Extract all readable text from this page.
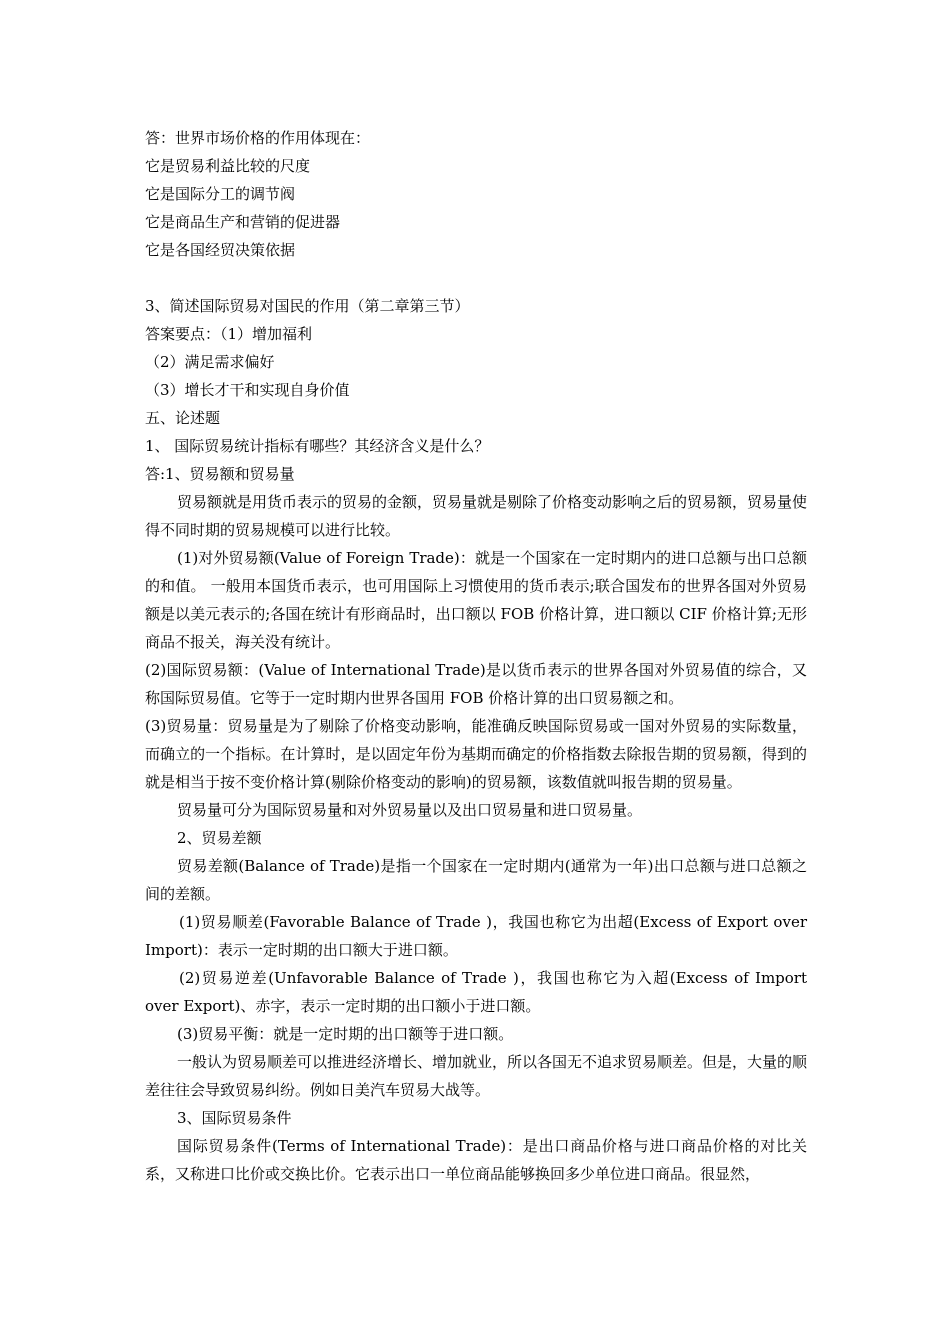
答：世界市场价格的作用体现在：

它是贸易利益比较的尺度

它是国际分工的调节阀

它是商品生产和营销的促进器

它是各国经贸决策依据

3、简述国际贸易对国民的作用（第二章第三节）

答案要点：（1）增加福利

（2）满足需求偏好

（3）增长才干和实现自身价值

五、论述题

1、 国际贸易统计指标有哪些？其经济含义是什么？

答:1、贸易额和贸易量

贸易额就是用货币表示的贸易的金额，贸易量就是剔除了价格变动影响之后的贸易额，贸易量使得不同时期的贸易规模可以进行比较。

(1)对外贸易额(Value of Foreign Trade)：就是一个国家在一定时期内的进口总额与出口总额的和值。 一般用本国货币表示，也可用国际上习惯使用的货币表示;联合国发布的世界各国对外贸易额是以美元表示的;各国在统计有形商品时，出口额以 FOB 价格计算，进口额以 CIF 价格计算;无形商品不报关，海关没有统计。

(2)国际贸易额：(Value of International Trade)是以货币表示的世界各国对外贸易值的综合，又称国际贸易值。它等于一定时期内世界各国用 FOB 价格计算的出口贸易额之和。

(3)贸易量：贸易量是为了剔除了价格变动影响，能准确反映国际贸易或一国对外贸易的实际数量，而确立的一个指标。在计算时，是以固定年份为基期而确定的价格指数去除报告期的贸易额，得到的就是相当于按不变价格计算(剔除价格变动的影响)的贸易额，该数值就叫报告期的贸易量。

贸易量可分为国际贸易量和对外贸易量以及出口贸易量和进口贸易量。

2、贸易差额

贸易差额(Balance of Trade)是指一个国家在一定时期内(通常为一年)出口总额与进口总额之间的差额。

(1)贸易顺差(Favorable Balance of Trade )，我国也称它为出超(Excess of Export over Import)：表示一定时期的出口额大于进口额。

(2)贸易逆差(Unfavorable Balance of Trade )，我国也称它为入超(Excess of Import over Export)、赤字，表示一定时期的出口额小于进口额。

(3)贸易平衡：就是一定时期的出口额等于进口额。

一般认为贸易顺差可以推进经济增长、增加就业，所以各国无不追求贸易顺差。但是，大量的顺差往往会导致贸易纠纷。例如日美汽车贸易大战等。

3、国际贸易条件

国际贸易条件(Terms of International Trade)：是出口商品价格与进口商品价格的对比关系，又称进口比价或交换比价。它表示出口一单位商品能够换回多少单位进口商品。很显然，
